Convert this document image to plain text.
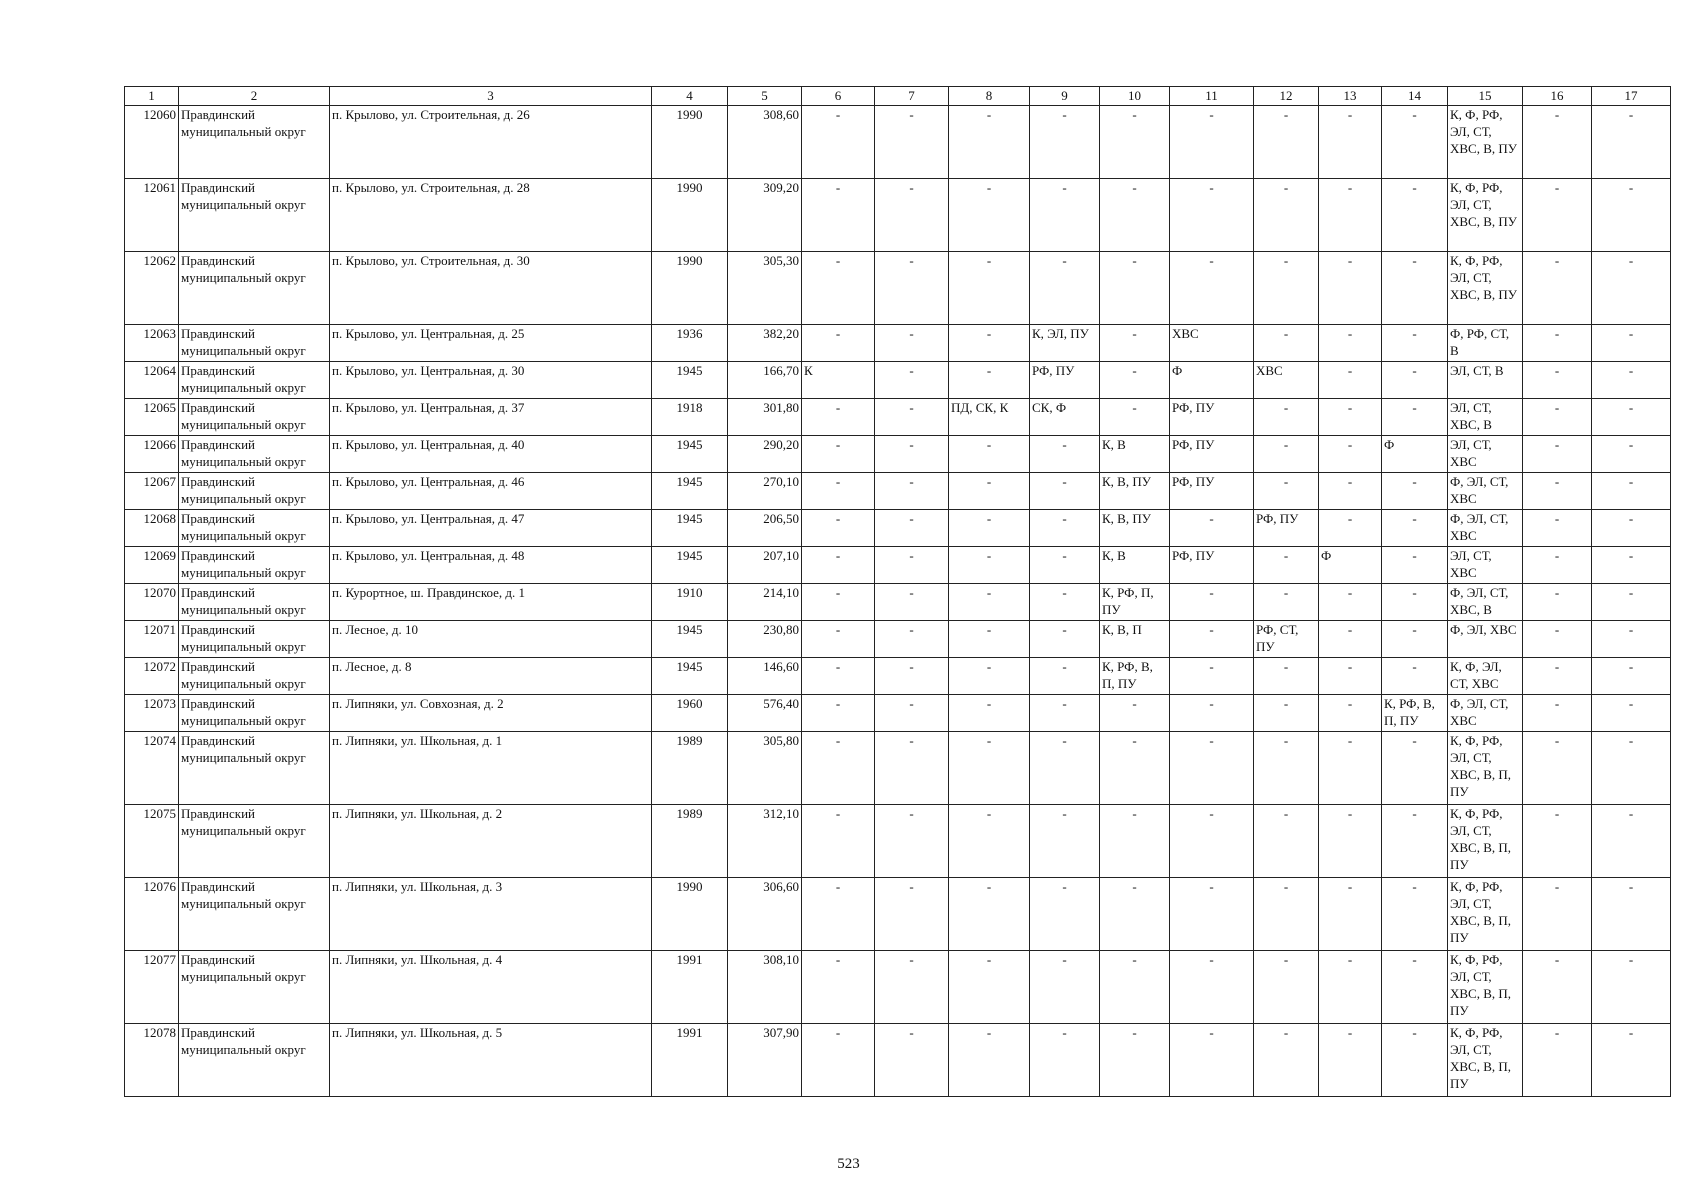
1	2	3	4	5	6	7	8	9	10	11	12	13	14	15	16	17
12060	Правдинский муниципальный округ	п. Крылово, ул. Строительная, д. 26	1990	308,60	-	-	-	-	-	-	-	-	-	К, Ф, РФ, ЭЛ, СТ, ХВС, В, ПУ	-	-
12061	Правдинский муниципальный округ	п. Крылово, ул. Строительная, д. 28	1990	309,20	-	-	-	-	-	-	-	-	-	К, Ф, РФ, ЭЛ, СТ, ХВС, В, ПУ	-	-
12062	Правдинский муниципальный округ	п. Крылово, ул. Строительная, д. 30	1990	305,30	-	-	-	-	-	-	-	-	-	К, Ф, РФ, ЭЛ, СТ, ХВС, В, ПУ	-	-
12063	Правдинский муниципальный округ	п. Крылово, ул. Центральная, д. 25	1936	382,20	-	-	-	К, ЭЛ, ПУ	-	ХВС	-	-	-	Ф, РФ, СТ, В	-	-
12064	Правдинский муниципальный округ	п. Крылово, ул. Центральная, д. 30	1945	166,70	К	-	-	РФ, ПУ	-	Ф	ХВС	-	-	ЭЛ, СТ, В	-	-
12065	Правдинский муниципальный округ	п. Крылово, ул. Центральная, д. 37	1918	301,80	-	-	ПД, СК, К	СК, Ф	-	РФ, ПУ	-	-	-	ЭЛ, СТ, ХВС, В	-	-
12066	Правдинский муниципальный округ	п. Крылово, ул. Центральная, д. 40	1945	290,20	-	-	-	-	К, В	РФ, ПУ	-	-	Ф	ЭЛ, СТ, ХВС	-	-
12067	Правдинский муниципальный округ	п. Крылово, ул. Центральная, д. 46	1945	270,10	-	-	-	-	К, В, ПУ	РФ, ПУ	-	-	-	Ф, ЭЛ, СТ, ХВС	-	-
12068	Правдинский муниципальный округ	п. Крылово, ул. Центральная, д. 47	1945	206,50	-	-	-	-	К, В, ПУ	-	РФ, ПУ	-	-	Ф, ЭЛ, СТ, ХВС	-	-
12069	Правдинский муниципальный округ	п. Крылово, ул. Центральная, д. 48	1945	207,10	-	-	-	-	К, В	РФ, ПУ	-	Ф	-	ЭЛ, СТ, ХВС	-	-
12070	Правдинский муниципальный округ	п. Курортное, ш. Правдинское, д. 1	1910	214,10	-	-	-	-	К, РФ, П, ПУ	-	-	-	-	Ф, ЭЛ, СТ, ХВС, В	-	-
12071	Правдинский муниципальный округ	п. Лесное, д. 10	1945	230,80	-	-	-	-	К, В, П	-	РФ, СТ, ПУ	-	-	Ф, ЭЛ, ХВС	-	-
12072	Правдинский муниципальный округ	п. Лесное, д. 8	1945	146,60	-	-	-	-	К, РФ, В, П, ПУ	-	-	-	-	К, Ф, ЭЛ, СТ, ХВС	-	-
12073	Правдинский муниципальный округ	п. Липняки, ул. Совхозная, д. 2	1960	576,40	-	-	-	-	-	-	-	-	К, РФ, В, П, ПУ	Ф, ЭЛ, СТ, ХВС	-	-
12074	Правдинский муниципальный округ	п. Липняки, ул. Школьная, д. 1	1989	305,80	-	-	-	-	-	-	-	-	-	К, Ф, РФ, ЭЛ, СТ, ХВС, В, П, ПУ	-	-
12075	Правдинский муниципальный округ	п. Липняки, ул. Школьная, д. 2	1989	312,10	-	-	-	-	-	-	-	-	-	К, Ф, РФ, ЭЛ, СТ, ХВС, В, П, ПУ	-	-
12076	Правдинский муниципальный округ	п. Липняки, ул. Школьная, д. 3	1990	306,60	-	-	-	-	-	-	-	-	-	К, Ф, РФ, ЭЛ, СТ, ХВС, В, П, ПУ	-	-
12077	Правдинский муниципальный округ	п. Липняки, ул. Школьная, д. 4	1991	308,10	-	-	-	-	-	-	-	-	-	К, Ф, РФ, ЭЛ, СТ, ХВС, В, П, ПУ	-	-
12078	Правдинский муниципальный округ	п. Липняки, ул. Школьная, д. 5	1991	307,90	-	-	-	-	-	-	-	-	-	К, Ф, РФ, ЭЛ, СТ, ХВС, В, П, ПУ	-	-
523
